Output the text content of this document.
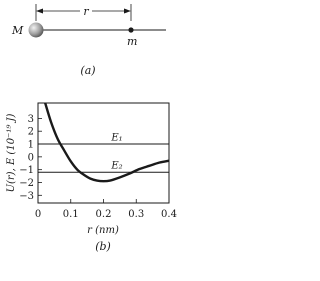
M
m
r
(a)
3
2
1
0
−1
−2
−3
0 0.1 0.2 0.3 0.4
E₁
E₂
U(r), E (10⁻¹⁹ J)
r (nm)
(b)
